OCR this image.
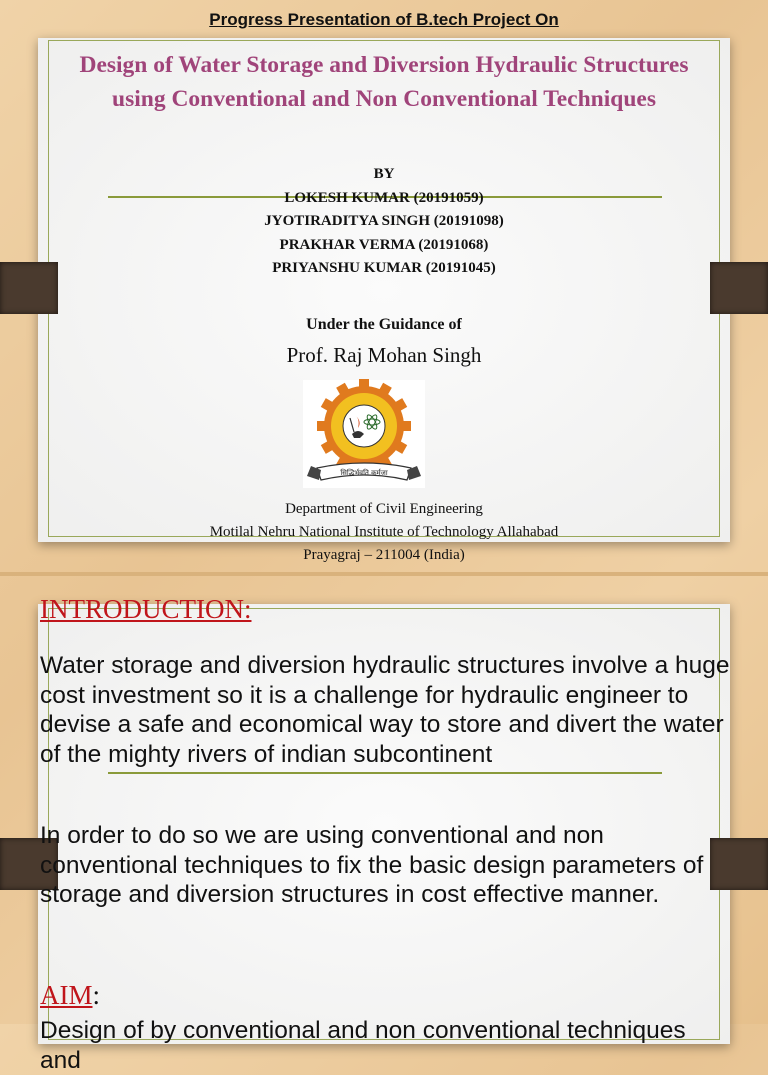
Progress Presentation of B.tech Project On
Design of Water Storage and Diversion Hydraulic Structures using Conventional and Non Conventional Techniques
BY
LOKESH KUMAR (20191059)
JYOTIRADITYA SINGH (20191098)
PRAKHAR VERMA (20191068)
PRIYANSHU KUMAR (20191045)
Under the Guidance of
Prof. Raj Mohan Singh
सिद्धिर्भवति कर्मजा
Department of Civil Engineering
Motilal Nehru National Institute of Technology Allahabad
Prayagraj – 211004 (India)
INTRODUCTION:
Water storage and diversion hydraulic structures involve a huge cost investment so it is a challenge for hydraulic engineer to devise a safe and economical way to store and divert the water of the mighty rivers of indian subcontinent
In order to do so we are using conventional and non conventional techniques to fix the basic design parameters of storage and diversion structures in cost effective manner.
AIM:
Design of by conventional and non conventional techniques and
